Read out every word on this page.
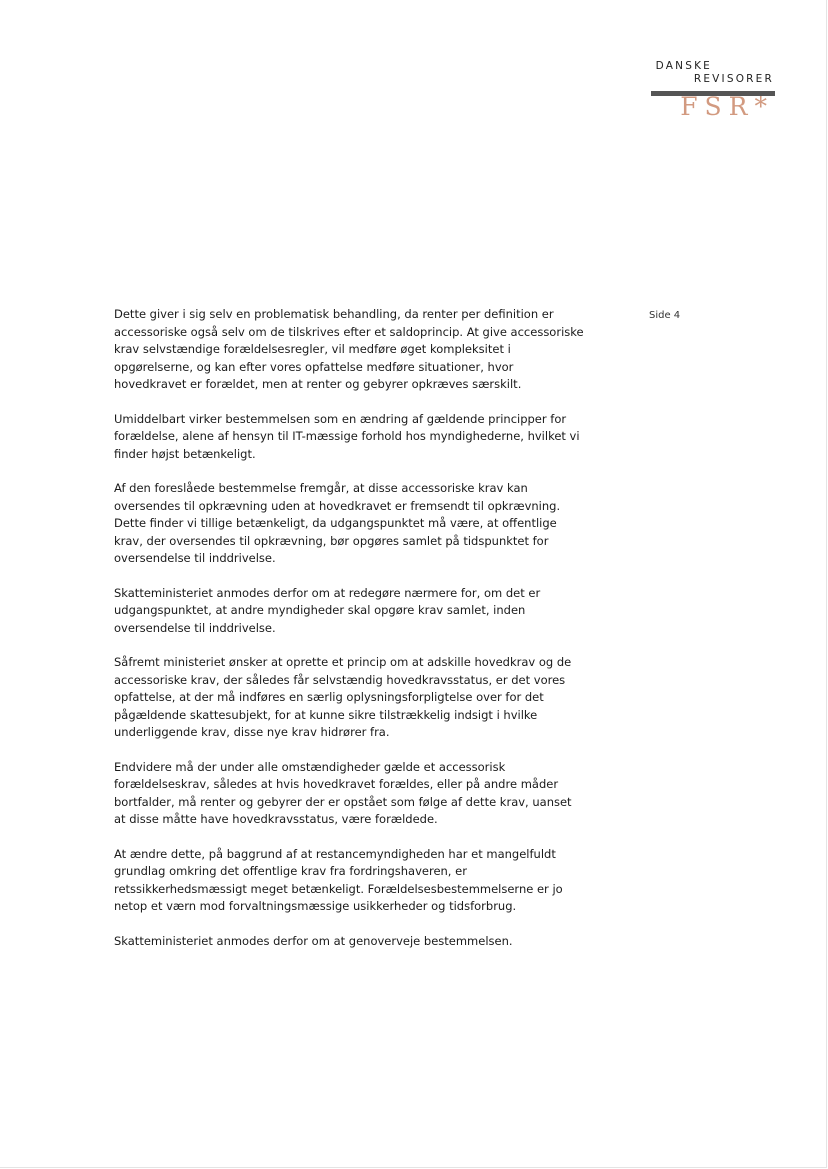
DANSKE
REVISORER
FSR*
Side 4

Dette giver i sig selv en problematisk behandling, da renter per definition er
accessoriske også selv om de tilskrives efter et saldoprincip. At give accessoriske
krav selvstændige forældelsesregler, vil medføre øget kompleksitet i
opgørelserne, og kan efter vores opfattelse medføre situationer, hvor
hovedkravet er forældet, men at renter og gebyrer opkræves særskilt.

Umiddelbart virker bestemmelsen som en ændring af gældende principper for
forældelse, alene af hensyn til IT-mæssige forhold hos myndighederne, hvilket vi
finder højst betænkeligt.

Af den foreslåede bestemmelse fremgår, at disse accessoriske krav kan
oversendes til opkrævning uden at hovedkravet er fremsendt til opkrævning.
Dette finder vi tillige betænkeligt, da udgangspunktet må være, at offentlige
krav, der oversendes til opkrævning, bør opgøres samlet på tidspunktet for
oversendelse til inddrivelse.

Skatteministeriet anmodes derfor om at redegøre nærmere for, om det er
udgangspunktet, at andre myndigheder skal opgøre krav samlet, inden
oversendelse til inddrivelse.

Såfremt ministeriet ønsker at oprette et princip om at adskille hovedkrav og de
accessoriske krav, der således får selvstændig hovedkravsstatus, er det vores
opfattelse, at der må indføres en særlig oplysningsforpligtelse over for det
pågældende skattesubjekt, for at kunne sikre tilstrækkelig indsigt i hvilke
underliggende krav, disse nye krav hidrører fra.

Endvidere må der under alle omstændigheder gælde et accessorisk
forældelseskrav, således at hvis hovedkravet forældes, eller på andre måder
bortfalder, må renter og gebyrer der er opstået som følge af dette krav, uanset
at disse måtte have hovedkravsstatus, være forældede.

At ændre dette, på baggrund af at restancemyndigheden har et mangelfuldt
grundlag omkring det offentlige krav fra fordringshaveren, er
retssikkerhedsmæssigt meget betænkeligt. Forældelsesbestemmelserne er jo
netop et værn mod forvaltningsmæssige usikkerheder og tidsforbrug.

Skatteministeriet anmodes derfor om at genoverveje bestemmelsen.
